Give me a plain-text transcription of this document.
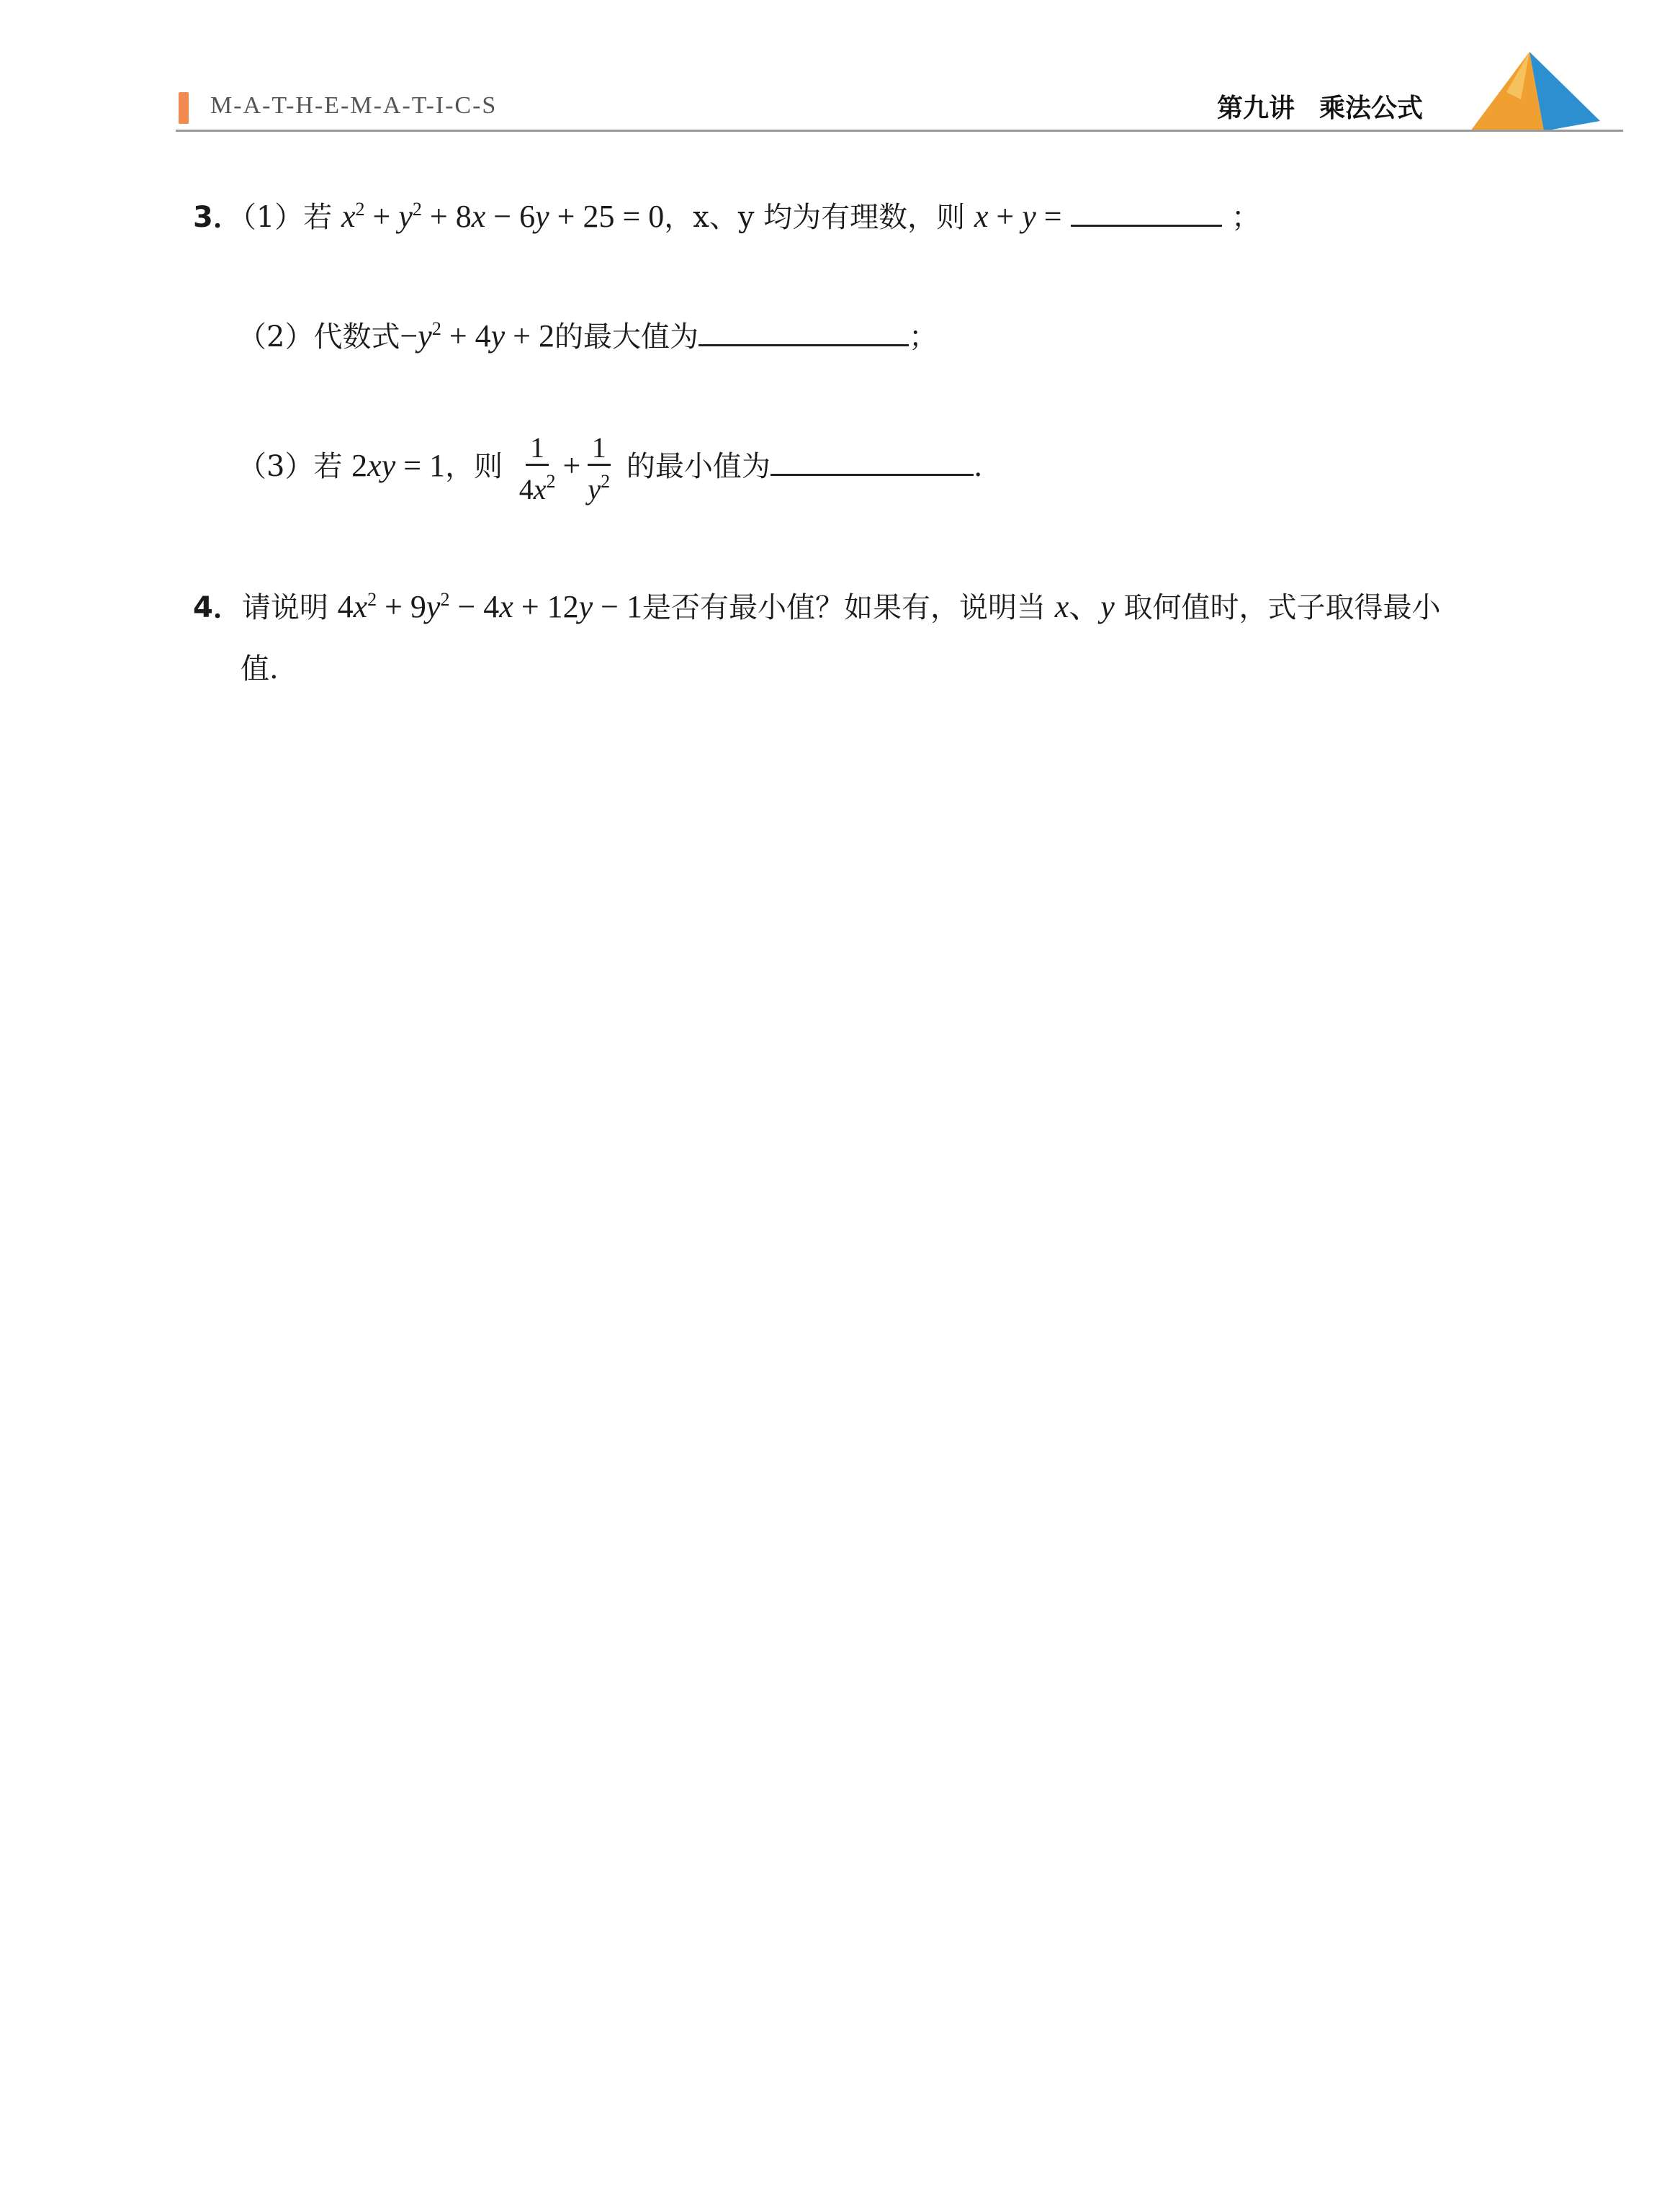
M-A-T-H-E-M-A-T-I-C-S	第九讲 乘法公式
3．（1）若 $x^2 + y^2 + 8x - 6y + 25 = 0$，x、y 均为有理数，则 x + y =	；
（2）代数式$-y^2 + 4y + 2$的最大值为	；
（3）若 2xy = 1，则 $\frac{1}{4x^2} + \frac{1}{y^2}$ 的最小值为	.
4．请说明 $4x^2 + 9y^2 - 4x + 12y - 1$是否有最小值？如果有，说明当 x、y 取何值时，式子取得最小
值.
